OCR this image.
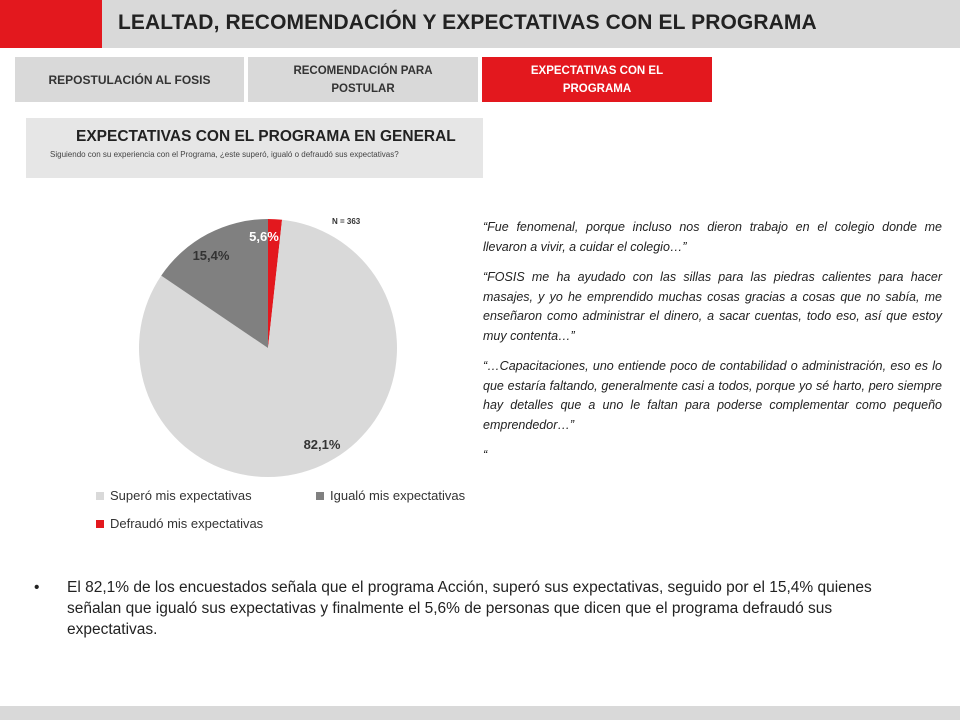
LEALTAD, RECOMENDACIÓN Y EXPECTATIVAS CON EL PROGRAMA
REPOSTULACIÓN AL FOSIS
RECOMENDACIÓN PARA POSTULAR
EXPECTATIVAS CON EL PROGRAMA
EXPECTATIVAS CON EL PROGRAMA EN GENERAL
Siguiendo con su experiencia con el Programa, ¿este superó, igualó o defraudó sus expectativas?
82,1%
15,4%
5,6%
N = 363
Superó mis expectativas	Igualó mis expectativas
Defraudó mis expectativas

“Fue fenomenal, porque incluso nos dieron trabajo en el colegio donde me llevaron a vivir, a cuidar el colegio…”

“FOSIS me ha ayudado con las sillas para las piedras calientes para hacer masajes, y yo he emprendido muchas cosas gracias a cosas que no sabía, me enseñaron como administrar el dinero, a sacar cuentas, todo eso, así que estoy muy contenta…”

“…Capacitaciones, uno entiende poco de contabilidad o administración, eso es lo que estaría faltando, generalmente casi a todos, porque yo sé harto, pero siempre hay detalles que a uno le faltan para poderse complementar como pequeño emprendedor…”

“

• El 82,1% de los encuestados señala que el programa Acción, superó sus expectativas, seguido por el 15,4% quienes señalan que igualó sus expectativas y finalmente el 5,6% de personas que dicen que el programa defraudó sus expectativas.
